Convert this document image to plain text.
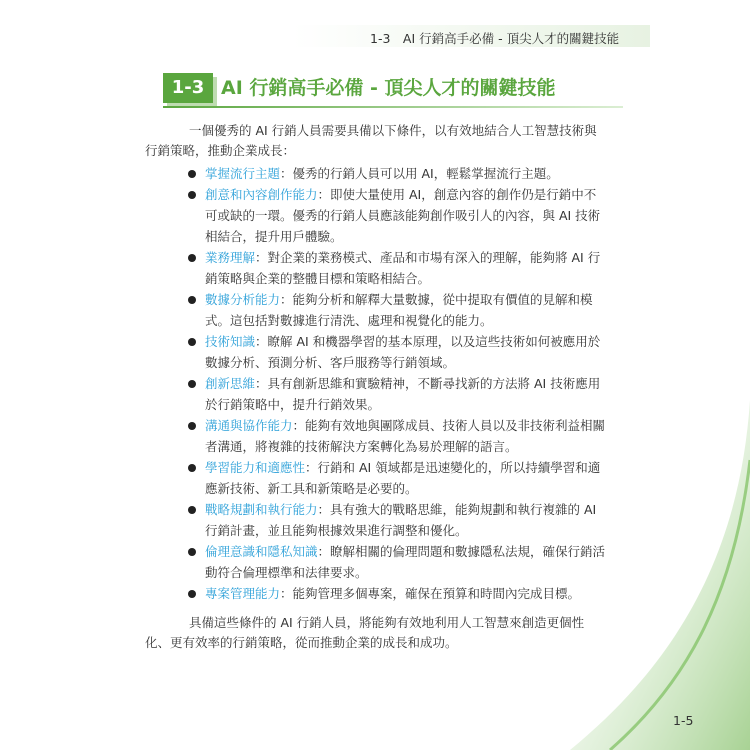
1-3　AI 行銷高手必備 - 頂尖人才的關鍵技能
1-3 AI 行銷高手必備 - 頂尖人才的關鍵技能
一個優秀的 AI 行銷人員需要具備以下條件，以有效地結合人工智慧技術與行銷策略，推動企業成長：
掌握流行主題：優秀的行銷人員可以用 AI，輕鬆掌握流行主題。
創意和內容創作能力：即使大量使用 AI，創意內容的創作仍是行銷中不可或缺的一環。優秀的行銷人員應該能夠創作吸引人的內容，與 AI 技術相結合，提升用戶體驗。
業務理解：對企業的業務模式、產品和市場有深入的理解，能夠將 AI 行銷策略與企業的整體目標和策略相結合。
數據分析能力：能夠分析和解釋大量數據，從中提取有價值的見解和模式。這包括對數據進行清洗、處理和視覺化的能力。
技術知識：瞭解 AI 和機器學習的基本原理，以及這些技術如何被應用於數據分析、預測分析、客戶服務等行銷領域。
創新思維：具有創新思維和實驗精神，不斷尋找新的方法將 AI 技術應用於行銷策略中，提升行銷效果。
溝通與協作能力：能夠有效地與團隊成員、技術人員以及非技術利益相關者溝通，將複雜的技術解決方案轉化為易於理解的語言。
學習能力和適應性：行銷和 AI 領域都是迅速變化的，所以持續學習和適應新技術、新工具和新策略是必要的。
戰略規劃和執行能力：具有強大的戰略思維，能夠規劃和執行複雜的 AI 行銷計畫，並且能夠根據效果進行調整和優化。
倫理意識和隱私知識：瞭解相關的倫理問題和數據隱私法規，確保行銷活動符合倫理標準和法律要求。
專案管理能力：能夠管理多個專案，確保在預算和時間內完成目標。
具備這些條件的 AI 行銷人員，將能夠有效地利用人工智慧來創造更個性化、更有效率的行銷策略，從而推動企業的成長和成功。
1-5
